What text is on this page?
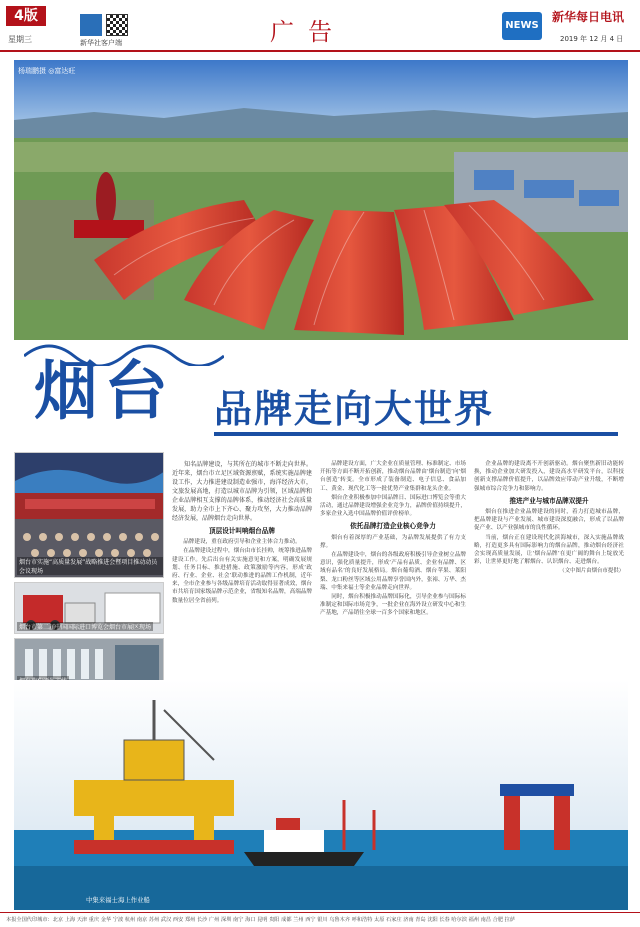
4版
星期三	新华社客户端	广告	NEWS
新华每日电讯
2019 年 12 月 4 日
杨瑞鹏摄 ◎富达旺
烟台 品牌走向大世界
烟台市实施“高质量发展”战略推进会暨项目推动动员会议现场
烟台市第二届中国国际进口博览会烟台市展区现场

知名品牌建设，与其所在的城市不断走向世界。近年来，烟台市立足区域资源禀赋，系统实施品牌建设工作，大力推进建设制造业强市，海洋经济大市，文旅发展高地，打造以城市品牌为引领，区域品牌和企业品牌相互支撑的品牌体系，推动经济社会高质量发展，助力全市上下齐心、聚力攻坚，大力推动品牌经济发展，品牌烟台走向世界。

顶层设计叫响烟台品牌

品牌建设，重在政府引导和企业主体合力推动。

在品牌建设过程中，烟台由市长挂帅，统筹推进品牌建设工作。先后出台有关实施意见和方案，明确发展规划、任务目标、推进措施、政策激励等内容，形成‘政府、行业、企业、社会’联动推进的品牌工作机制，近年来，全市企业参与各级品牌培育活动取得显著成效，烟台市共培育国家级品牌示范企业，省级知名品牌，高端品牌数量位居全省前列。

品牌建设方面，广大企业在质量管理、标准制定、市场开拓等方面不断开拓创新，推动烟台品牌由‘烟台制造’向‘烟台创造’转变。全市形成了装备制造、电子信息、食品加工、黄金、现代化工等一批优势产业集群和龙头企业。

烟台企业积极参加中国品牌日、国际进口博览会等重大活动，通过品牌建设增强企业竞争力，品牌价值持续提升，多家企业入选中国品牌价值评价榜单。

依托品牌打造企业核心竞争力

烟台有着深厚的产业基础，为品牌发展提供了有力支撑。

在品牌建设中，烟台的各级政府积极引导企业树立品牌意识，强化质量提升，形成‘产品有品质、企业有品牌、区域有品名’的良好发展格局。烟台葡萄酒、烟台苹果、莱阳梨、龙口粉丝等区域公用品牌享誉国内外，张裕、万华、杰瑞、中集来福士等企业品牌走向世界。

同时，烟台积极推动品牌国际化，引导企业参与国际标准制定和国际市场竞争，一批企业在海外设立研发中心和生产基地，产品销往全球一百多个国家和地区。

企业品牌的建设离不开创新驱动。烟台聚焦新旧动能转换，推动企业加大研发投入，建设高水平研发平台，以科技创新支撑品牌价值提升，以品牌效应带动产业升级，不断增强城市综合竞争力和影响力。

推进产业与城市品牌双提升

烟台在推进企业品牌建设的同时，着力打造城市品牌，把品牌建设与产业发展、城市建设深度融合，形成了以品牌促产业、以产业强城市的良性循环。

当前，烟台正在建设现代化滨海城市，深入实施品牌战略，打造更多具有国际影响力的烟台品牌，推动烟台经济社会实现高质量发展，让‘烟台品牌’在更广阔的舞台上绽放光彩，让世界更好地了解烟台、认识烟台、走进烟台。

（文中图片由烟台市提供）

中集来福士海上作业船
本报全国代印城市：北京 上海 天津 重庆 金华 宁波 杭州 南京 苏州 武汉 西安 郑州 长沙 广州 深圳 南宁 海口 昆明 贵阳 成都 兰州 西宁 银川 乌鲁木齐 呼和浩特 太原 石家庄 济南 青岛 沈阳 长春 哈尔滨 福州 南昌 合肥 拉萨
